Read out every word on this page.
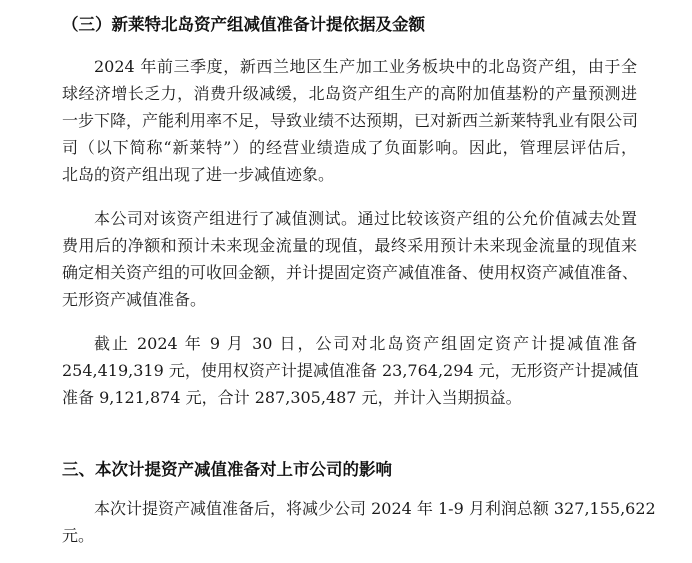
（三）新莱特北岛资产组减值准备计提依据及金额
2024 年前三季度，新西兰地区生产加工业务板块中的北岛资产组，由于全
球经济增长乏力，消费升级减缓，北岛资产组生产的高附加值基粉的产量预测进
一步下降，产能利用率不足，导致业绩不达预期，已对新西兰新莱特乳业有限公司
司（以下简称“新莱特”）的经营业绩造成了负面影响。因此，管理层评估后，
北岛的资产组出现了进一步减值迹象。
本公司对该资产组进行了减值测试。通过比较该资产组的公允价值减去处置
费用后的净额和预计未来现金流量的现值，最终采用预计未来现金流量的现值来
确定相关资产组的可收回金额，并计提固定资产减值准备、使用权资产减值准备、
无形资产减值准备。
截止 2024 年 9 月 30 日，公司对北岛资产组固定资产计提减值准备
254,419,319 元，使用权资产计提减值准备 23,764,294 元，无形资产计提减值
准备 9,121,874 元，合计 287,305,487 元，并计入当期损益。
三、本次计提资产减值准备对上市公司的影响
本次计提资产减值准备后，将减少公司 2024 年 1-9 月利润总额 327,155,622
元。
